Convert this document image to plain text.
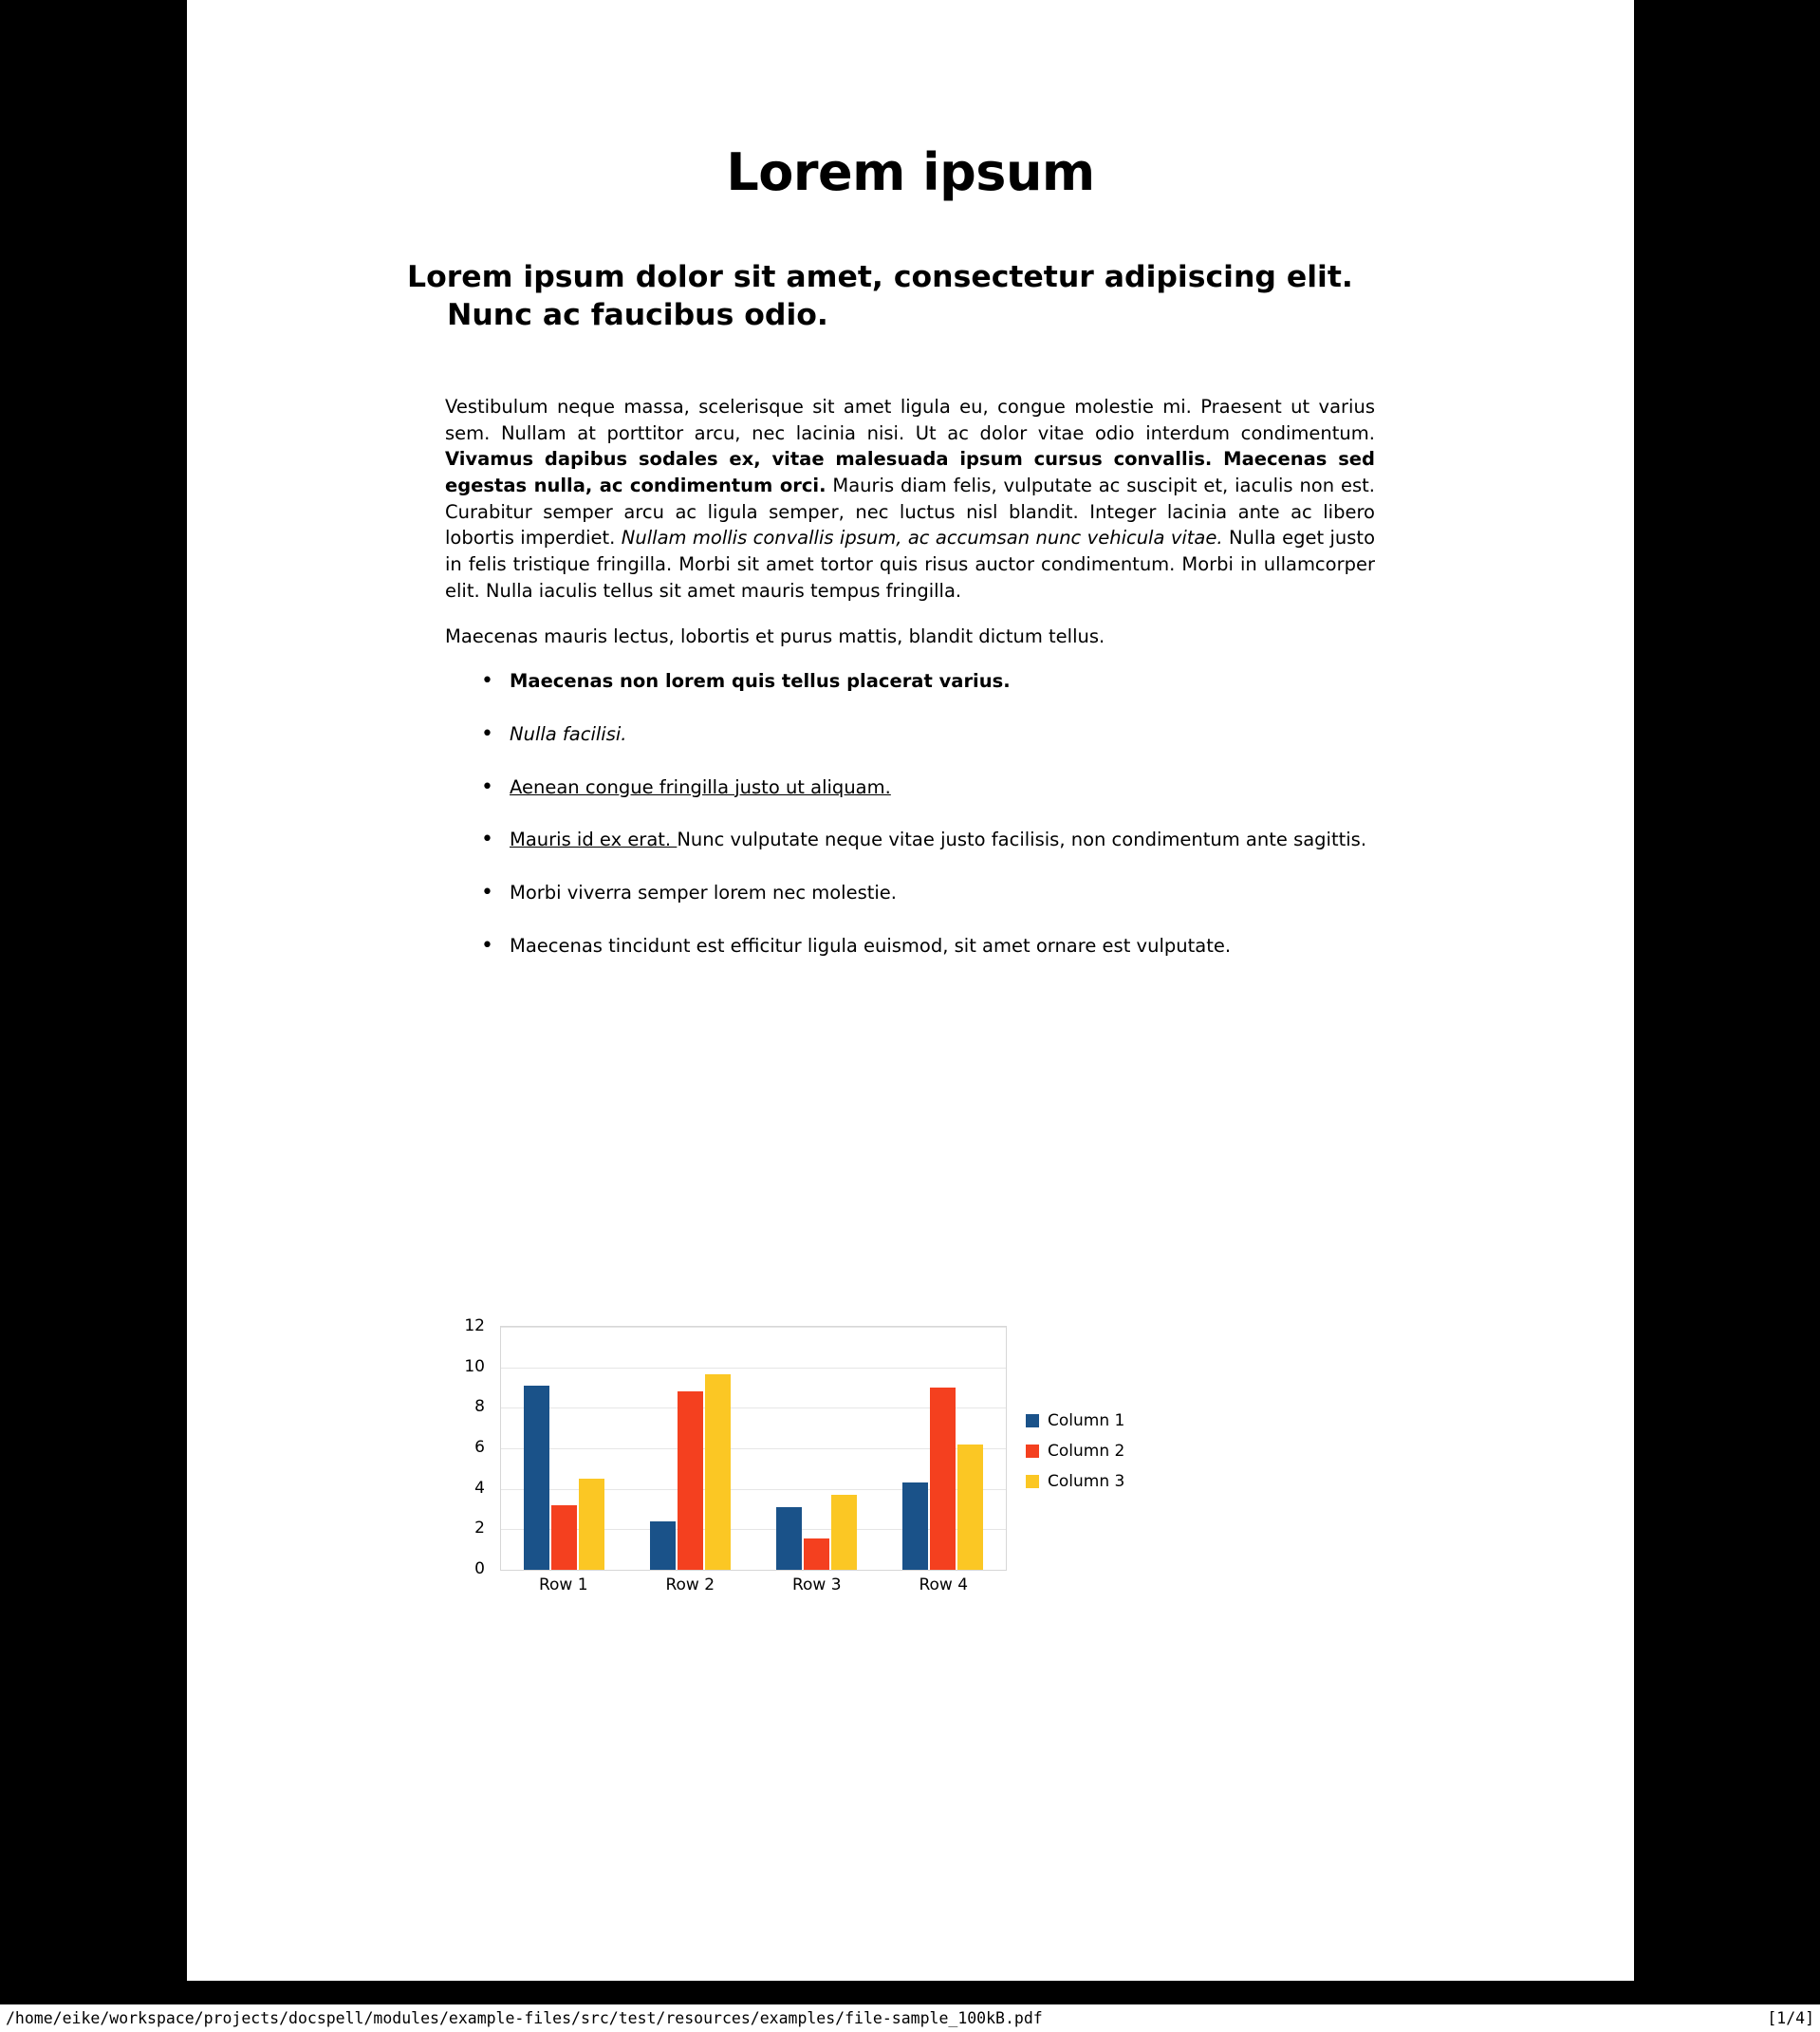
Lorem ipsum
Lorem ipsum dolor sit amet, consectetur adipiscing elit.
Nunc ac faucibus odio.

Vestibulum neque massa, scelerisque sit amet ligula eu, congue molestie mi. Praesent ut varius sem. Nullam at porttitor arcu, nec lacinia nisi. Ut ac dolor vitae odio interdum condimentum. Vivamus dapibus sodales ex, vitae malesuada ipsum cursus convallis. Maecenas sed egestas nulla, ac condimentum orci. Mauris diam felis, vulputate ac suscipit et, iaculis non est. Curabitur semper arcu ac ligula semper, nec luctus nisl blandit. Integer lacinia ante ac libero lobortis imperdiet. Nullam mollis convallis ipsum, ac accumsan nunc vehicula vitae. Nulla eget justo in felis tristique fringilla. Morbi sit amet tortor quis risus auctor condimentum. Morbi in ullamcorper elit. Nulla iaculis tellus sit amet mauris tempus fringilla.

Maecenas mauris lectus, lobortis et purus mattis, blandit dictum tellus.

• Maecenas non lorem quis tellus placerat varius.
• Nulla facilisi.
• Aenean congue fringilla justo ut aliquam.
• Mauris id ex erat. Nunc vulputate neque vitae justo facilisis, non condimentum ante sagittis.
• Morbi viverra semper lorem nec molestie.
• Maecenas tincidunt est efficitur ligula euismod, sit amet ornare est vulputate.
0
2
4
6
8
10
12
Row 1	Row 2	Row 3	Row 4
Column 1
Column 2
Column 3
/home/eike/workspace/projects/docspell/modules/example-files/src/test/resources/examples/file-sample_100kB.pdf	[1/4]
